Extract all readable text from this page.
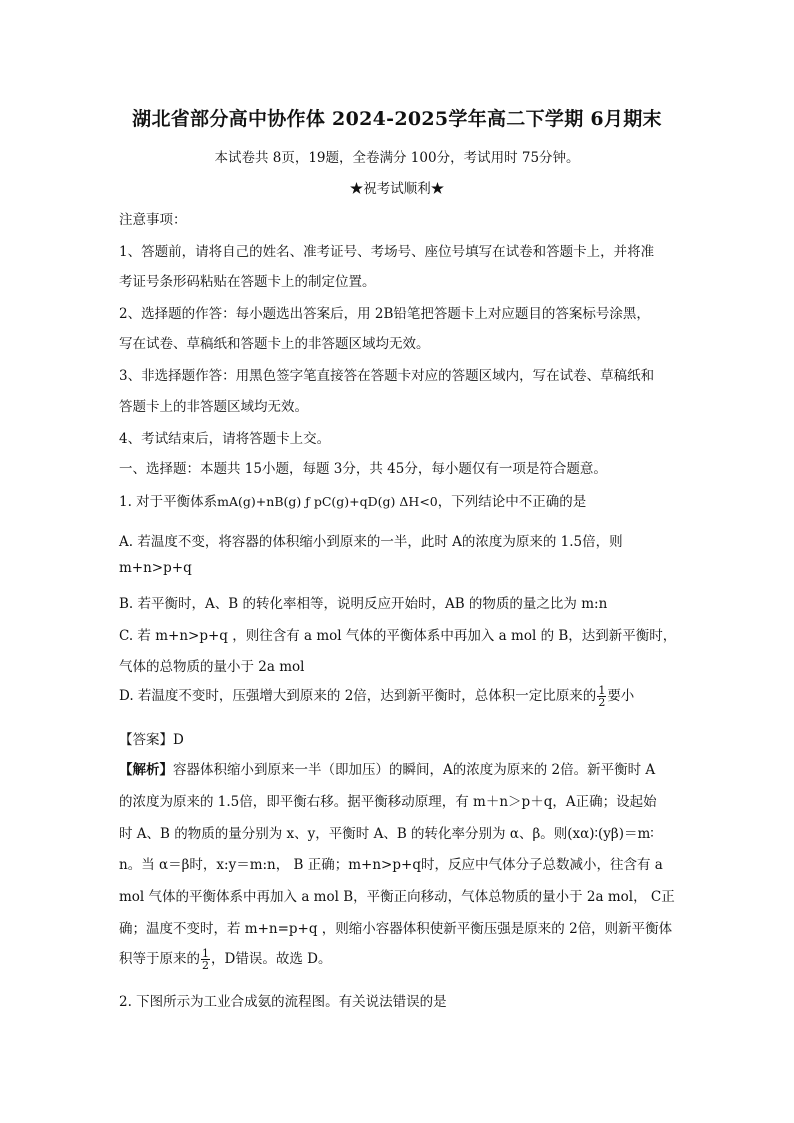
湖北省部分高中协作体 2024-2025学年高二下学期 6月期末
本试卷共 8页，19题，全卷满分 100分，考试用时 75分钟。
★祝考试顺利★
注意事项：
1、答题前，请将自己的姓名、准考证号、考场号、座位号填写在试卷和答题卡上，并将准
考证号条形码粘贴在答题卡上的制定位置。
2、选择题的作答：每小题选出答案后，用 2B铅笔把答题卡上对应题目的答案标号涂黑，
写在试卷、草稿纸和答题卡上的非答题区域均无效。
3、非选择题作答：用黑色签字笔直接答在答题卡对应的答题区域内，写在试卷、草稿纸和
答题卡上的非答题区域均无效。
4、考试结束后，请将答题卡上交。
一、选择题：本题共 15小题，每题 3分，共 45分，每小题仅有一项是符合题意。
1. 对于平衡体系mA(g)+nB(g) ƒ pC(g)+qD(g) ΔH<0，下列结论中不正确的是
A. 若温度不变，将容器的体积缩小到原来的一半，此时 A的浓度为原来的 1.5倍，则
m+n>p+q
B. 若平衡时，A、B 的转化率相等，说明反应开始时，AB 的物质的量之比为 m:n
C. 若 m+n>p+q ，则往含有 a mol 气体的平衡体系中再加入 a mol 的 B，达到新平衡时，
气体的总物质的量小于 2a mol
D. 若温度不变时，压强增大到原来的 2倍，达到新平衡时，总体积一定比原来的 $\frac{1}{2}$ 要小
【答案】D
【解析】容器体积缩小到原来一半（即加压）的瞬间，A的浓度为原来的 2倍。新平衡时 A
的浓度为原来的 1.5倍，即平衡右移。据平衡移动原理，有 m＋n＞p＋q，A正确；设起始
时 A、B 的物质的量分别为 x、y，平衡时 A、B 的转化率分别为 α、β。则(xα)∶(yβ)＝m∶
n。当 α＝β时，x:y＝m:n， B 正确；m+n>p+q时，反应中气体分子总数减小，往含有 a
mol 气体的平衡体系中再加入 a mol B，平衡正向移动，气体总物质的量小于 2a mol， C正
确；温度不变时，若 m+n=p+q ，则缩小容器体积使新平衡压强是原来的 2倍，则新平衡体
积等于原来的 $\frac{1}{2}$ ，D错误。故选 D。
2. 下图所示为工业合成氨的流程图。有关说法错误的是
